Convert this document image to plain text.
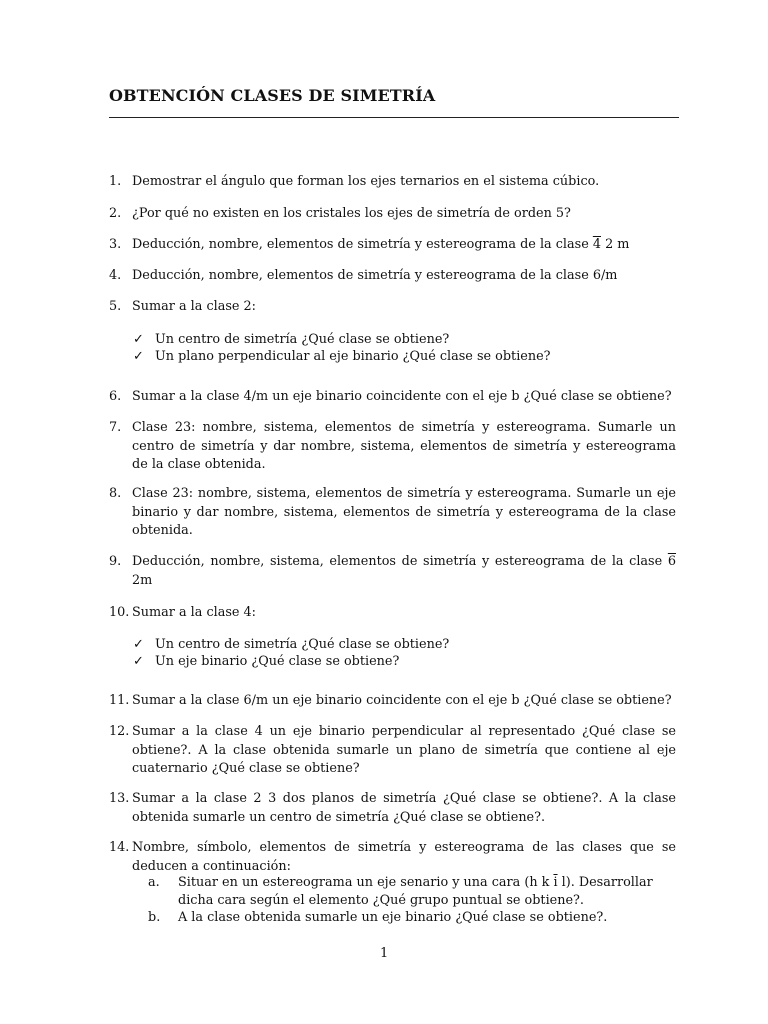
OBTENCIÓN CLASES DE SIMETRÍA
1. Demostrar el ángulo que forman los ejes ternarios en el sistema cúbico.
2. ¿Por qué no existen en los cristales los ejes de simetría de orden 5?
3. Deducción, nombre, elementos de simetría y estereograma de la clase 4 2 m
4. Deducción, nombre, elementos de simetría y estereograma de la clase 6/m
5. Sumar a la clase 2:
✓ Un centro de simetría ¿Qué clase se obtiene?
✓ Un plano perpendicular al eje binario ¿Qué clase se obtiene?
6. Sumar a la clase 4/m un eje binario coincidente con el eje b ¿Qué clase se obtiene?
7. Clase 23: nombre, sistema, elementos de simetría y estereograma. Sumarle un centro de simetría y dar nombre, sistema, elementos de simetría y estereograma de la clase obtenida.
8. Clase 23: nombre, sistema, elementos de simetría y estereograma. Sumarle un eje binario y dar nombre, sistema, elementos de simetría y estereograma de la clase obtenida.
9. Deducción, nombre, sistema, elementos de simetría y estereograma de la clase 6 2m
10. Sumar a la clase 4:
✓ Un centro de simetría ¿Qué clase se obtiene?
✓ Un eje binario ¿Qué clase se obtiene?
11. Sumar a la clase 6/m un eje binario coincidente con el eje b ¿Qué clase se obtiene?
12. Sumar a la clase 4 un eje binario perpendicular al representado ¿Qué clase se obtiene?. A la clase obtenida sumarle un plano de simetría que contiene al eje cuaternario ¿Qué clase se obtiene?
13. Sumar a la clase 2 3 dos planos de simetría ¿Qué clase se obtiene?. A la clase obtenida sumarle un centro de simetría ¿Qué clase se obtiene?.
14. Nombre, símbolo, elementos de simetría y estereograma de las clases que se deducen a continuación:
a. Situar en un estereograma un eje senario y una cara (h k $\overline{i}$ l). Desarrollar dicha cara según el elemento ¿Qué grupo puntual se obtiene?.
b. A la clase obtenida sumarle un eje binario ¿Qué clase se obtiene?.
1
